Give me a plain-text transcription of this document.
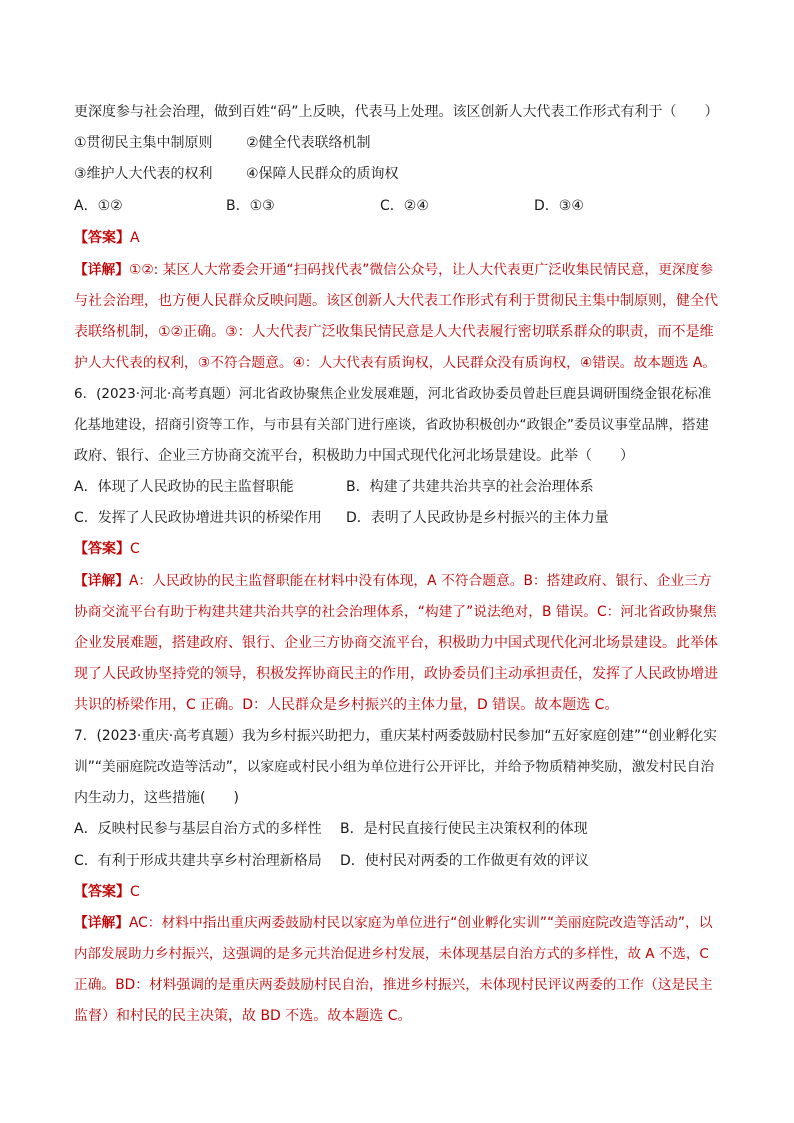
更深度参与社会治理，做到百姓“码”上反映，代表马上处理。该区创新人大代表工作形式有利于（　　）
①贯彻民主集中制原则 ②健全代表联络机制
③维护人大代表的权利 ④保障人民群众的质询权
A．①②	B．①③	C．②④	D．③④
【答案】A
【详解】①②: 某区人大常委会开通“扫码找代表”微信公众号，让人大代表更广泛收集民情民意，更深度参
与社会治理，也方便人民群众反映问题。该区创新人大代表工作形式有利于贯彻民主集中制原则，健全代
表联络机制，①②正确。③：人大代表广泛收集民情民意是人大代表履行密切联系群众的职责，而不是维
护人大代表的权利，③不符合题意。④：人大代表有质询权，人民群众没有质询权，④错误。故本题选 A。
6．(2023·河北·高考真题）河北省政协聚焦企业发展难题，河北省政协委员曾赴巨鹿县调研围绕金银花标准
化基地建设，招商引资等工作，与市县有关部门进行座谈，省政协积极创办“政银企”委员议事堂品牌，搭建
政府、银行、企业三方协商交流平台，积极助力中国式现代化河北场景建设。此举（　　）
A．体现了人民政协的民主监督职能	B．构建了共建共治共享的社会治理体系
C．发挥了人民政协增进共识的桥梁作用 D．表明了人民政协是乡村振兴的主体力量
【答案】C
【详解】A：人民政协的民主监督职能在材料中没有体现，A 不符合题意。B：搭建政府、银行、企业三方
协商交流平台有助于构建共建共治共享的社会治理体系，“构建了”说法绝对，B 错误。C：河北省政协聚焦
企业发展难题，搭建政府、银行、企业三方协商交流平台，积极助力中国式现代化河北场景建设。此举体
现了人民政协坚持党的领导，积极发挥协商民主的作用，政协委员们主动承担责任，发挥了人民政协增进
共识的桥梁作用，C 正确。D：人民群众是乡村振兴的主体力量，D 错误。故本题选 C。
7．(2023·重庆·高考真题）我为乡村振兴助把力，重庆某村两委鼓励村民参加“五好家庭创建”“创业孵化实
训”“美丽庭院改造等活动”，以家庭或村民小组为单位进行公开评比，并给予物质精神奖励，激发村民自治
内生动力，这些措施(　　)
A．反映村民参与基层自治方式的多样性 B．是村民直接行使民主决策权利的体现
C．有利于形成共建共享乡村治理新格局 D．使村民对两委的工作做更有效的评议
【答案】C
【详解】AC：材料中指出重庆两委鼓励村民以家庭为单位进行“创业孵化实训”“美丽庭院改造等活动”，以
内部发展助力乡村振兴，这强调的是多元共治促进乡村发展，未体现基层自治方式的多样性，故 A 不选，C
正确。BD：材料强调的是重庆两委鼓励村民自治，推进乡村振兴，未体现村民评议两委的工作（这是民主
监督）和村民的民主决策，故 BD 不选。故本题选 C。
